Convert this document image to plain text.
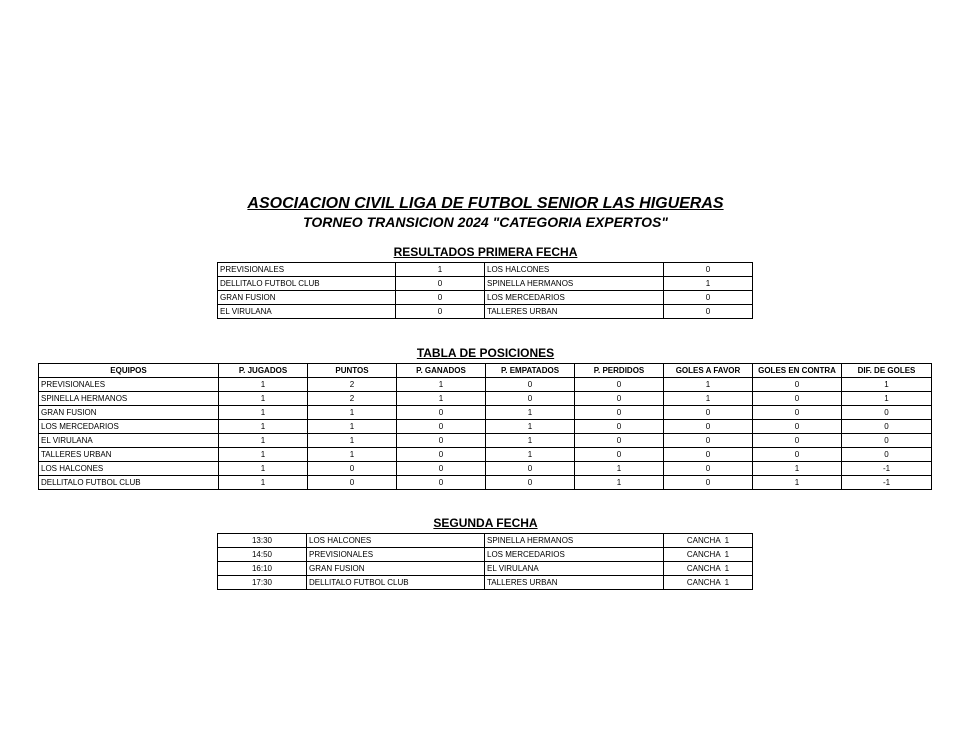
ASOCIACION CIVIL LIGA DE FUTBOL SENIOR LAS HIGUERAS
TORNEO TRANSICION 2024 "CATEGORIA EXPERTOS"
RESULTADOS PRIMERA FECHA
PREVISIONALES	1	LOS HALCONES	0
DELLITALO FUTBOL CLUB	0	SPINELLA HERMANOS	1
GRAN FUSION	0	LOS MERCEDARIOS	0
EL VIRULANA	0	TALLERES URBAN	0
TABLA DE POSICIONES
EQUIPOS	P. JUGADOS	PUNTOS	P. GANADOS	P. EMPATADOS	P. PERDIDOS	GOLES A FAVOR	GOLES EN CONTRA	DIF. DE GOLES
PREVISIONALES	1	2	1	0	0	1	0	1
SPINELLA HERMANOS	1	2	1	0	0	1	0	1
GRAN FUSION	1	1	0	1	0	0	0	0
LOS MERCEDARIOS	1	1	0	1	0	0	0	0
EL VIRULANA	1	1	0	1	0	0	0	0
TALLERES URBAN	1	1	0	1	0	0	0	0
LOS HALCONES	1	0	0	0	1	0	1	-1
DELLITALO FUTBOL CLUB	1	0	0	0	1	0	1	-1
SEGUNDA FECHA
13:30	LOS HALCONES	SPINELLA HERMANOS	CANCHA  1
14:50	PREVISIONALES	LOS MERCEDARIOS	CANCHA  1
16:10	GRAN FUSION	EL VIRULANA	CANCHA  1
17:30	DELLITALO FUTBOL CLUB	TALLERES URBAN	CANCHA  1
